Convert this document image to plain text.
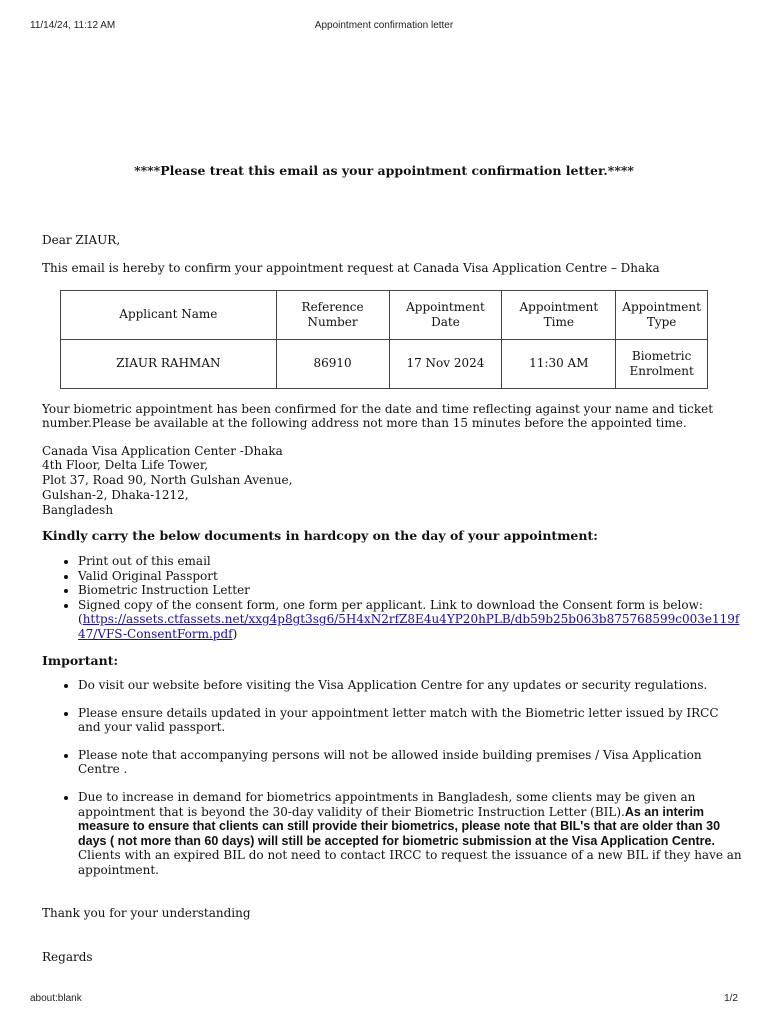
11/14/24, 11:12 AM	Appointment confirmation letter
****Please treat this email as your appointment confirmation letter.****
Dear ZIAUR,
This email is hereby to confirm your appointment request at Canada Visa Application Centre – Dhaka
Applicant Name	Reference Number	Appointment Date	Appointment Time	Appointment Type
ZIAUR RAHMAN	86910	17 Nov 2024	11:30 AM	Biometric Enrolment
Your biometric appointment has been confirmed for the date and time reflecting against your name and ticket number.Please be available at the following address not more than 15 minutes before the appointed time.
Canada Visa Application Center -Dhaka
4th Floor, Delta Life Tower,
Plot 37, Road 90, North Gulshan Avenue,
Gulshan-2, Dhaka-1212,
Bangladesh
Kindly carry the below documents in hardcopy on the day of your appointment:
• Print out of this email
• Valid Original Passport
• Biometric Instruction Letter
• Signed copy of the consent form, one form per applicant. Link to download the Consent form is below:
(https://assets.ctfassets.net/xxg4p8gt3sg6/5H4xN2rfZ8E4u4YP20hPLB/db59b25b063b875768599c003e119f47/VFS-ConsentForm.pdf)
Important:
• Do visit our website before visiting the Visa Application Centre for any updates or security regulations.
• Please ensure details updated in your appointment letter match with the Biometric letter issued by IRCC and your valid passport.
• Please note that accompanying persons will not be allowed inside building premises / Visa Application Centre .
• Due to increase in demand for biometrics appointments in Bangladesh, some clients may be given an appointment that is beyond the 30-day validity of their Biometric Instruction Letter (BIL).As an interim measure to ensure that clients can still provide their biometrics, please note that BIL's that are older than 30 days ( not more than 60 days) will still be accepted for biometric submission at the Visa Application Centre.
Clients with an expired BIL do not need to contact IRCC to request the issuance of a new BIL if they have an appointment.
Thank you for your understanding
Regards
about:blank	1/2
